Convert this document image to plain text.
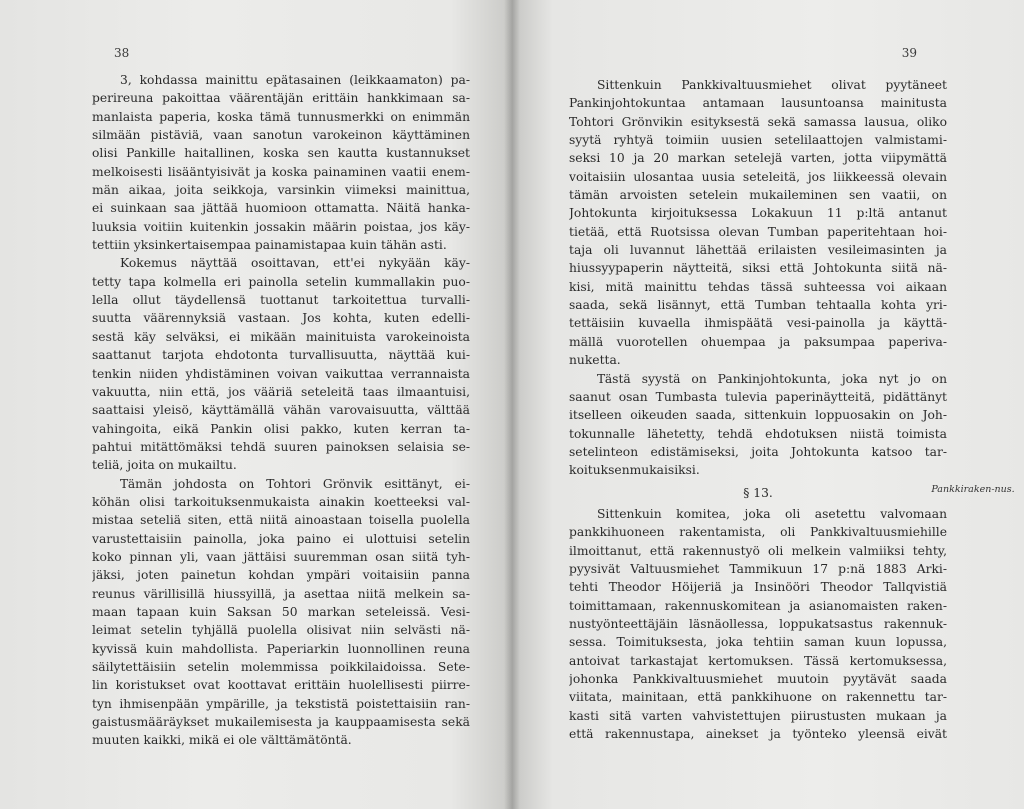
38
3, kohdassa mainittu epätasainen (leikkaamaton) pa-
perireuna pakoittaa väärentäjän erittäin hankkimaan sa-
manlaista paperia, koska tämä tunnusmerkki on enimmän
silmään pistäviä, vaan sanotun varokeinon käyttäminen
olisi Pankille haitallinen, koska sen kautta kustannukset
melkoisesti lisääntyisivät ja koska painaminen vaatii enem-
män aikaa, joita seikkoja, varsinkin viimeksi mainittua,
ei suinkaan saa jättää huomioon ottamatta. Näitä hanka-
luuksia voitiin kuitenkin jossakin määrin poistaa, jos käy-
tettiin yksinkertaisempaa painamistapaa kuin tähän asti.
Kokemus näyttää osoittavan, ett'ei nykyään käy-
tetty tapa kolmella eri painolla setelin kummallakin puo-
lella ollut täydellensä tuottanut tarkoitettua turvalli-
suutta väärennyksiä vastaan. Jos kohta, kuten edelli-
sestä käy selväksi, ei mikään mainituista varokeinoista
saattanut tarjota ehdotonta turvallisuutta, näyttää kui-
tenkin niiden yhdistäminen voivan vaikuttaa verrannaista
vakuutta, niin että, jos vääriä seteleitä taas ilmaantuisi,
saattaisi yleisö, käyttämällä vähän varovaisuutta, välttää
vahingoita, eikä Pankin olisi pakko, kuten kerran ta-
pahtui mitättömäksi tehdä suuren painoksen selaisia se-
teliä, joita on mukailtu.
Tämän johdosta on Tohtori Grönvik esittänyt, ei-
köhän olisi tarkoituksenmukaista ainakin koetteeksi val-
mistaa seteliä siten, että niitä ainoastaan toisella puolella
varustettaisiin painolla, joka paino ei ulottuisi setelin
koko pinnan yli, vaan jättäisi suuremman osan siitä tyh-
jäksi, joten painetun kohdan ympäri voitaisiin panna
reunus värillisillä hiussyillä, ja asettaa niitä melkein sa-
maan tapaan kuin Saksan 50 markan seteleissä. Vesi-
leimat setelin tyhjällä puolella olisivat niin selvästi nä-
kyvissä kuin mahdollista. Paperiarkin luonnollinen reuna
säilytettäisiin setelin molemmissa poikkilaidoissa. Sete-
lin koristukset ovat koottavat erittäin huolellisesti piirre-
tyn ihmisenpään ympärille, ja tekstistä poistettaisiin ran-
gaistusmääräykset mukailemisesta ja kauppaamisesta sekä
muuten kaikki, mikä ei ole välttämätöntä.
39
Sittenkuin Pankkivaltuusmiehet olivat pyytäneet
Pankinjohtokuntaa antamaan lausuntoansa mainitusta
Tohtori Grönvikin esityksestä sekä samassa lausua, oliko
syytä ryhtyä toimiin uusien setelilaattojen valmistami-
seksi 10 ja 20 markan setelejä varten, jotta viipymättä
voitaisiin ulosantaa uusia seteleitä, jos liikkeessä olevain
tämän arvoisten setelein mukaileminen sen vaatii, on
Johtokunta kirjoituksessa Lokakuun 11 p:ltä antanut
tietää, että Ruotsissa olevan Tumban paperitehtaan hoi-
taja oli luvannut lähettää erilaisten vesileimasinten ja
hiussyypaperin näytteitä, siksi että Johtokunta siitä nä-
kisi, mitä mainittu tehdas tässä suhteessa voi aikaan
saada, sekä lisännyt, että Tumban tehtaalla kohta yri-
tettäisiin kuvaella ihmispäätä vesi-painolla ja käyttä-
mällä vuorotellen ohuempaa ja paksumpaa paperiva-
nuketta.
Tästä syystä on Pankinjohtokunta, joka nyt jo on
saanut osan Tumbasta tulevia paperinäytteitä, pidättänyt
itselleen oikeuden saada, sittenkuin loppuosakin on Joh-
tokunnalle lähetetty, tehdä ehdotuksen niistä toimista
setelinteon edistämiseksi, joita Johtokunta katsoo tar-
koituksenmukaisiksi.
§ 13.
Sittenkuin komitea, joka oli asetettu valvomaan
pankkihuoneen rakentamista, oli Pankkivaltuusmiehille
ilmoittanut, että rakennustyö oli melkein valmiiksi tehty,
pyysivät Valtuusmiehet Tammikuun 17 p:nä 1883 Arki-
tehti Theodor Höijeriä ja Insinööri Theodor Tallqvistiä
toimittamaan, rakennuskomitean ja asianomaisten raken-
nustyönteettäjäin läsnäollessa, loppukatsastus rakennuk-
sessa. Toimituksesta, joka tehtiin saman kuun lopussa,
antoivat tarkastajat kertomuksen. Tässä kertomuksessa,
johonka Pankkivaltuusmiehet muutoin pyytävät saada
viitata, mainitaan, että pankkihuone on rakennettu tar-
kasti sitä varten vahvistettujen piirustusten mukaan ja
että rakennustapa, ainekset ja työnteko yleensä eivät
Pankkiraken-nus.
